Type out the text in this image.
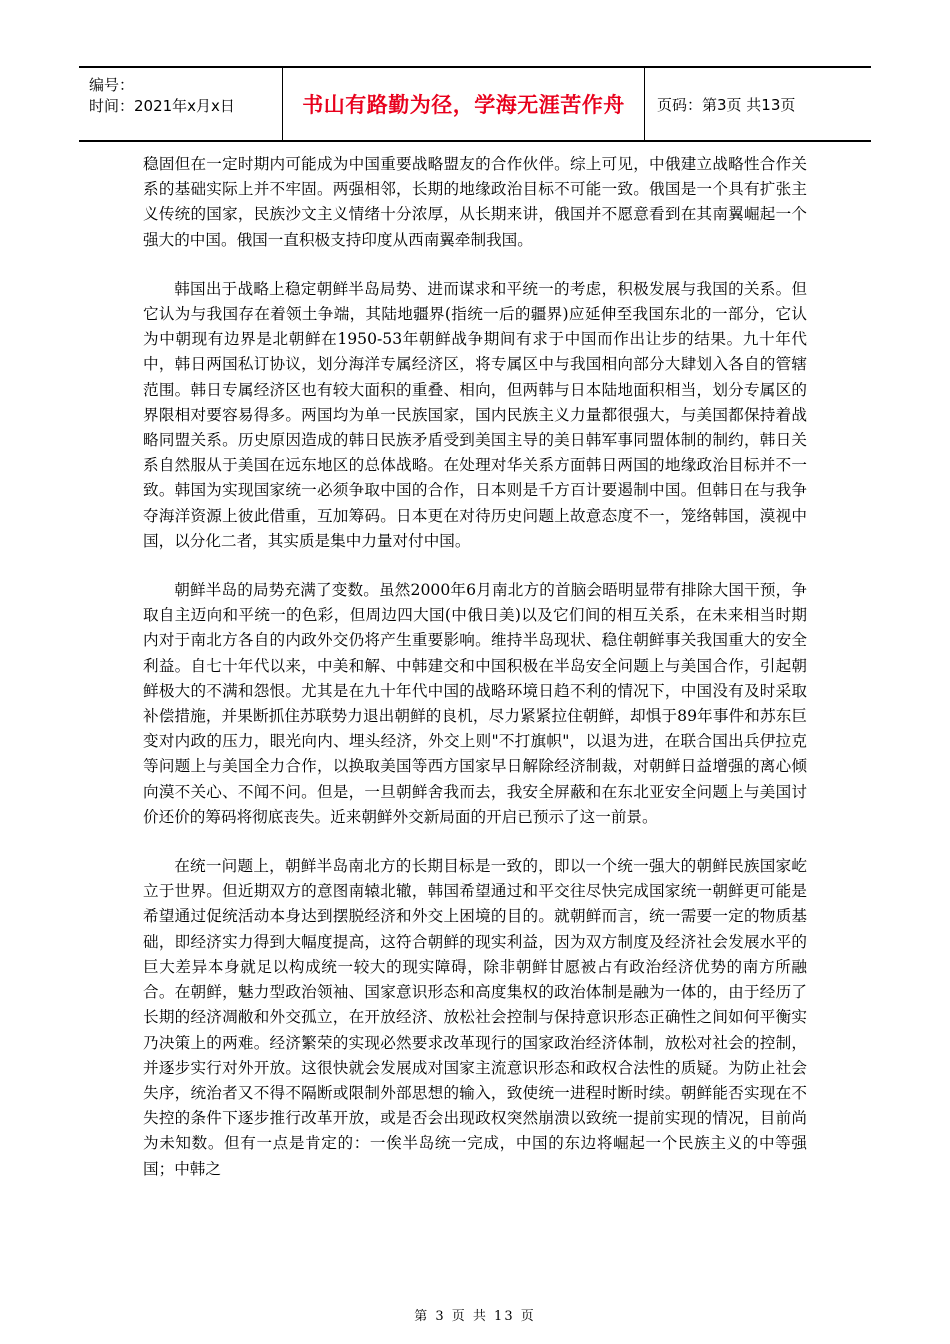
编号：
时间：2021年x月x日	书山有路勤为径，学海无涯苦作舟	页码：第3页 共13页

稳固但在一定时期内可能成为中国重要战略盟友的合作伙伴。综上可见，中俄建立战略性合作关系的基础实际上并不牢固。两强相邻，长期的地缘政治目标不可能一致。俄国是一个具有扩张主义传统的国家，民族沙文主义情绪十分浓厚，从长期来讲，俄国并不愿意看到在其南翼崛起一个强大的中国。俄国一直积极支持印度从西南翼牵制我国。

韩国出于战略上稳定朝鲜半岛局势、进而谋求和平统一的考虑，积极发展与我国的关系。但它认为与我国存在着领土争端，其陆地疆界(指统一后的疆界)应延伸至我国东北的一部分，它认为中朝现有边界是北朝鲜在1950-53年朝鲜战争期间有求于中国而作出让步的结果。九十年代中，韩日两国私订协议，划分海洋专属经济区，将专属区中与我国相向部分大肆划入各自的管辖范围。韩日专属经济区也有较大面积的重叠、相向，但两韩与日本陆地面积相当，划分专属区的界限相对要容易得多。两国均为单一民族国家，国内民族主义力量都很强大，与美国都保持着战略同盟关系。历史原因造成的韩日民族矛盾受到美国主导的美日韩军事同盟体制的制约，韩日关系自然服从于美国在远东地区的总体战略。在处理对华关系方面韩日两国的地缘政治目标并不一致。韩国为实现国家统一必须争取中国的合作，日本则是千方百计要遏制中国。但韩日在与我争夺海洋资源上彼此借重，互加筹码。日本更在对待历史问题上故意态度不一，笼络韩国，漠视中国，以分化二者，其实质是集中力量对付中国。

朝鲜半岛的局势充满了变数。虽然2000年6月南北方的首脑会晤明显带有排除大国干预，争取自主迈向和平统一的色彩，但周边四大国(中俄日美)以及它们间的相互关系，在未来相当时期内对于南北方各自的内政外交仍将产生重要影响。维持半岛现状、稳住朝鲜事关我国重大的安全利益。自七十年代以来，中美和解、中韩建交和中国积极在半岛安全问题上与美国合作，引起朝鲜极大的不满和怨恨。尤其是在九十年代中国的战略环境日趋不利的情况下，中国没有及时采取补偿措施，并果断抓住苏联势力退出朝鲜的良机，尽力紧紧拉住朝鲜，却惧于89年事件和苏东巨变对内政的压力，眼光向内、埋头经济，外交上则"不打旗帜"，以退为进，在联合国出兵伊拉克等问题上与美国全力合作，以换取美国等西方国家早日解除经济制裁，对朝鲜日益增强的离心倾向漠不关心、不闻不问。但是，一旦朝鲜舍我而去，我安全屏蔽和在东北亚安全问题上与美国讨价还价的筹码将彻底丧失。近来朝鲜外交新局面的开启已预示了这一前景。

在统一问题上，朝鲜半岛南北方的长期目标是一致的，即以一个统一强大的朝鲜民族国家屹立于世界。但近期双方的意图南辕北辙，韩国希望通过和平交往尽快完成国家统一朝鲜更可能是希望通过促统活动本身达到摆脱经济和外交上困境的目的。就朝鲜而言，统一需要一定的物质基础，即经济实力得到大幅度提高，这符合朝鲜的现实利益，因为双方制度及经济社会发展水平的巨大差异本身就足以构成统一较大的现实障碍，除非朝鲜甘愿被占有政治经济优势的南方所融合。在朝鲜，魅力型政治领袖、国家意识形态和高度集权的政治体制是融为一体的，由于经历了长期的经济凋敝和外交孤立，在开放经济、放松社会控制与保持意识形态正确性之间如何平衡实乃决策上的两难。经济繁荣的实现必然要求改革现行的国家政治经济体制，放松对社会的控制，并逐步实行对外开放。这很快就会发展成对国家主流意识形态和政权合法性的质疑。为防止社会失序，统治者又不得不隔断或限制外部思想的输入，致使统一进程时断时续。朝鲜能否实现在不失控的条件下逐步推行改革开放，或是否会出现政权突然崩溃以致统一提前实现的情况，目前尚为未知数。但有一点是肯定的：一俟半岛统一完成，中国的东边将崛起一个民族主义的中等强国；中韩之

第 3 页 共 13 页
